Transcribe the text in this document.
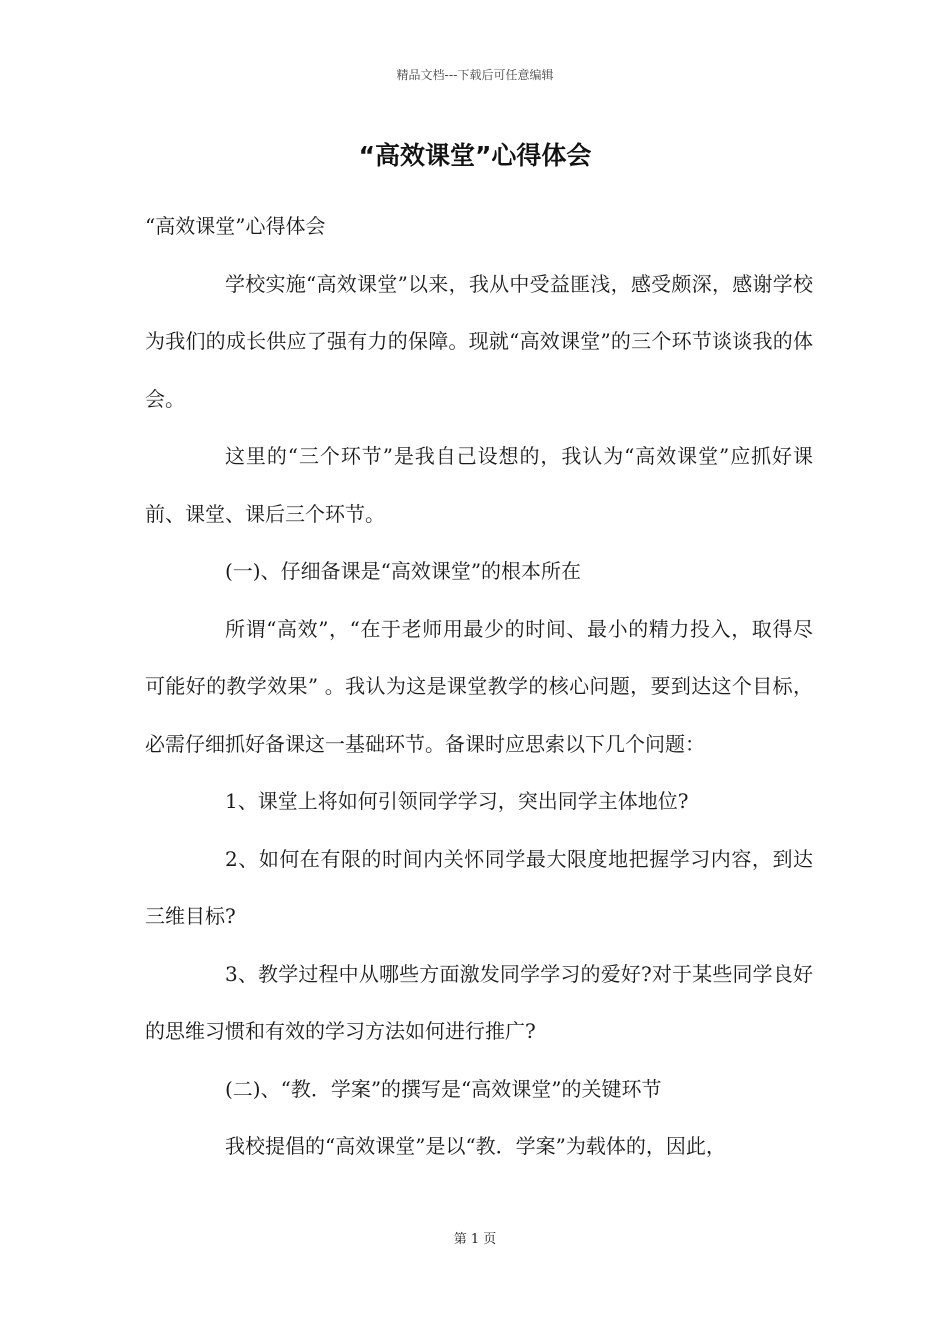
精品文档---下载后可任意编辑
“高效课堂”心得体会

“高效课堂”心得体会

学校实施“高效课堂”以来，我从中受益匪浅，感受颇深，感谢学校为我们的成长供应了强有力的保障。现就“高效课堂”的三个环节谈谈我的体会。

这里的“三个环节”是我自己设想的，我认为“高效课堂”应抓好课前、课堂、课后三个环节。

(一)、仔细备课是“高效课堂”的根本所在

所谓“高效”，“在于老师用最少的时间、最小的精力投入，取得尽可能好的教学效果” 。我认为这是课堂教学的核心问题，要到达这个目标，必需仔细抓好备课这一基础环节。备课时应思索以下几个问题：

1、课堂上将如何引领同学学习，突出同学主体地位?

2、如何在有限的时间内关怀同学最大限度地把握学习内容，到达三维目标?

3、教学过程中从哪些方面激发同学学习的爱好?对于某些同学良好的思维习惯和有效的学习方法如何进行推广?

(二)、“教．学案”的撰写是“高效课堂”的关键环节

我校提倡的“高效课堂”是以“教．学案”为载体的，因此，

第 1 页
